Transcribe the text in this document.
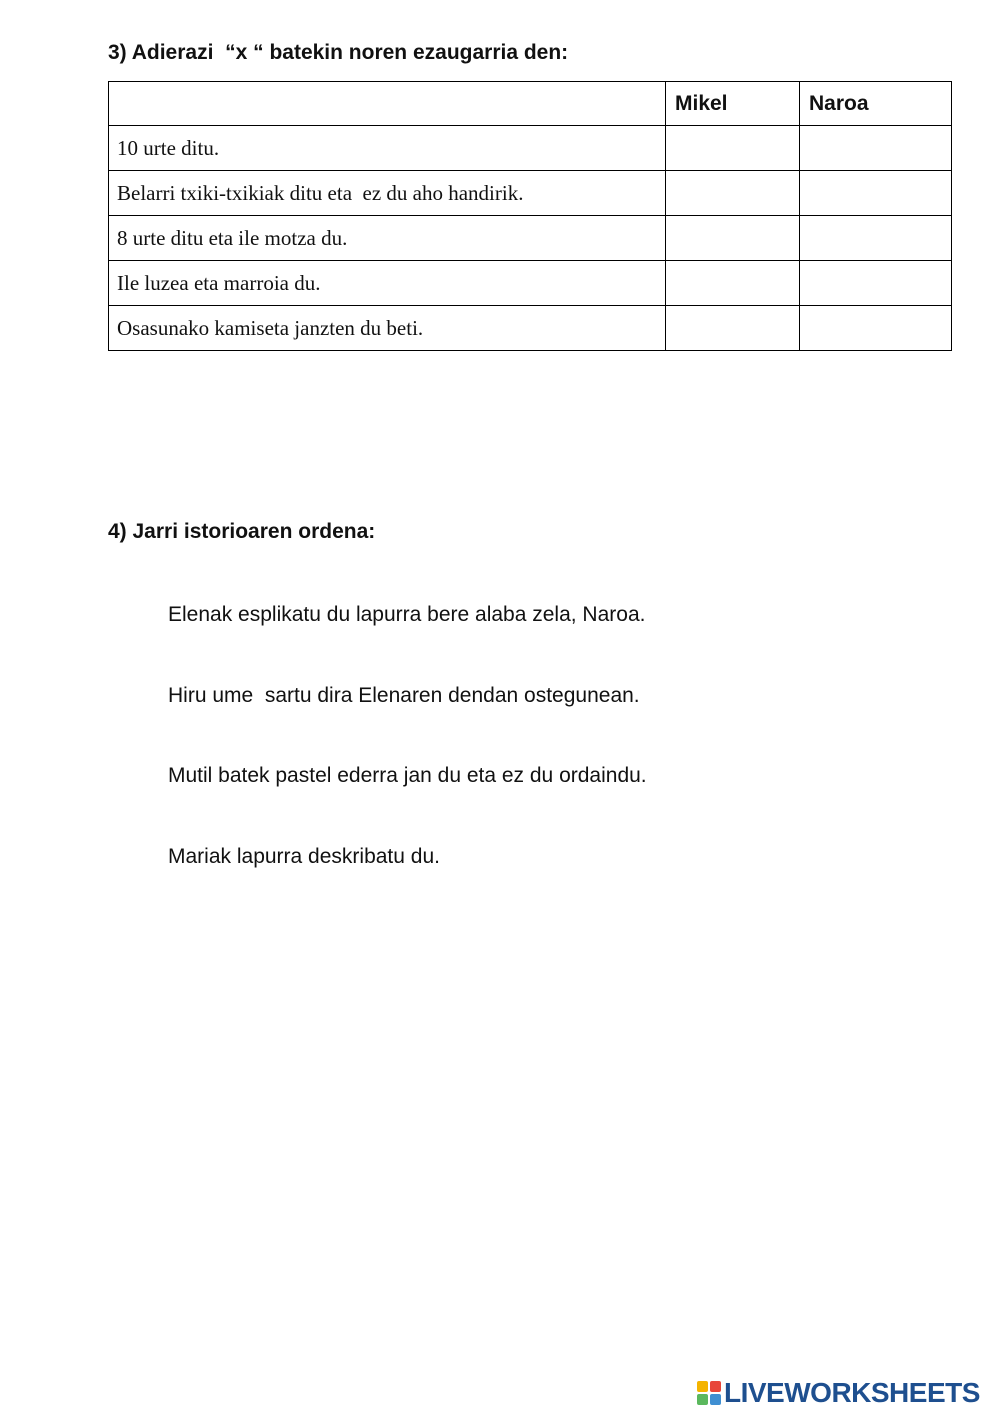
3) Adierazi  “x “ batekin noren ezaugarria den:
	Mikel	Naroa
10 urte ditu.		
Belarri txiki-txikiak ditu eta  ez du aho handirik.		
8 urte ditu eta ile motza du.		
Ile luzea eta marroia du.		
Osasunako kamiseta janzten du beti.		
4) Jarri istorioaren ordena:
Elenak esplikatu du lapurra bere alaba zela, Naroa.
Hiru ume  sartu dira Elenaren dendan ostegunean.
Mutil batek pastel ederra jan du eta ez du ordaindu.
Mariak lapurra deskribatu du.
LIVEWORKSHEETS
